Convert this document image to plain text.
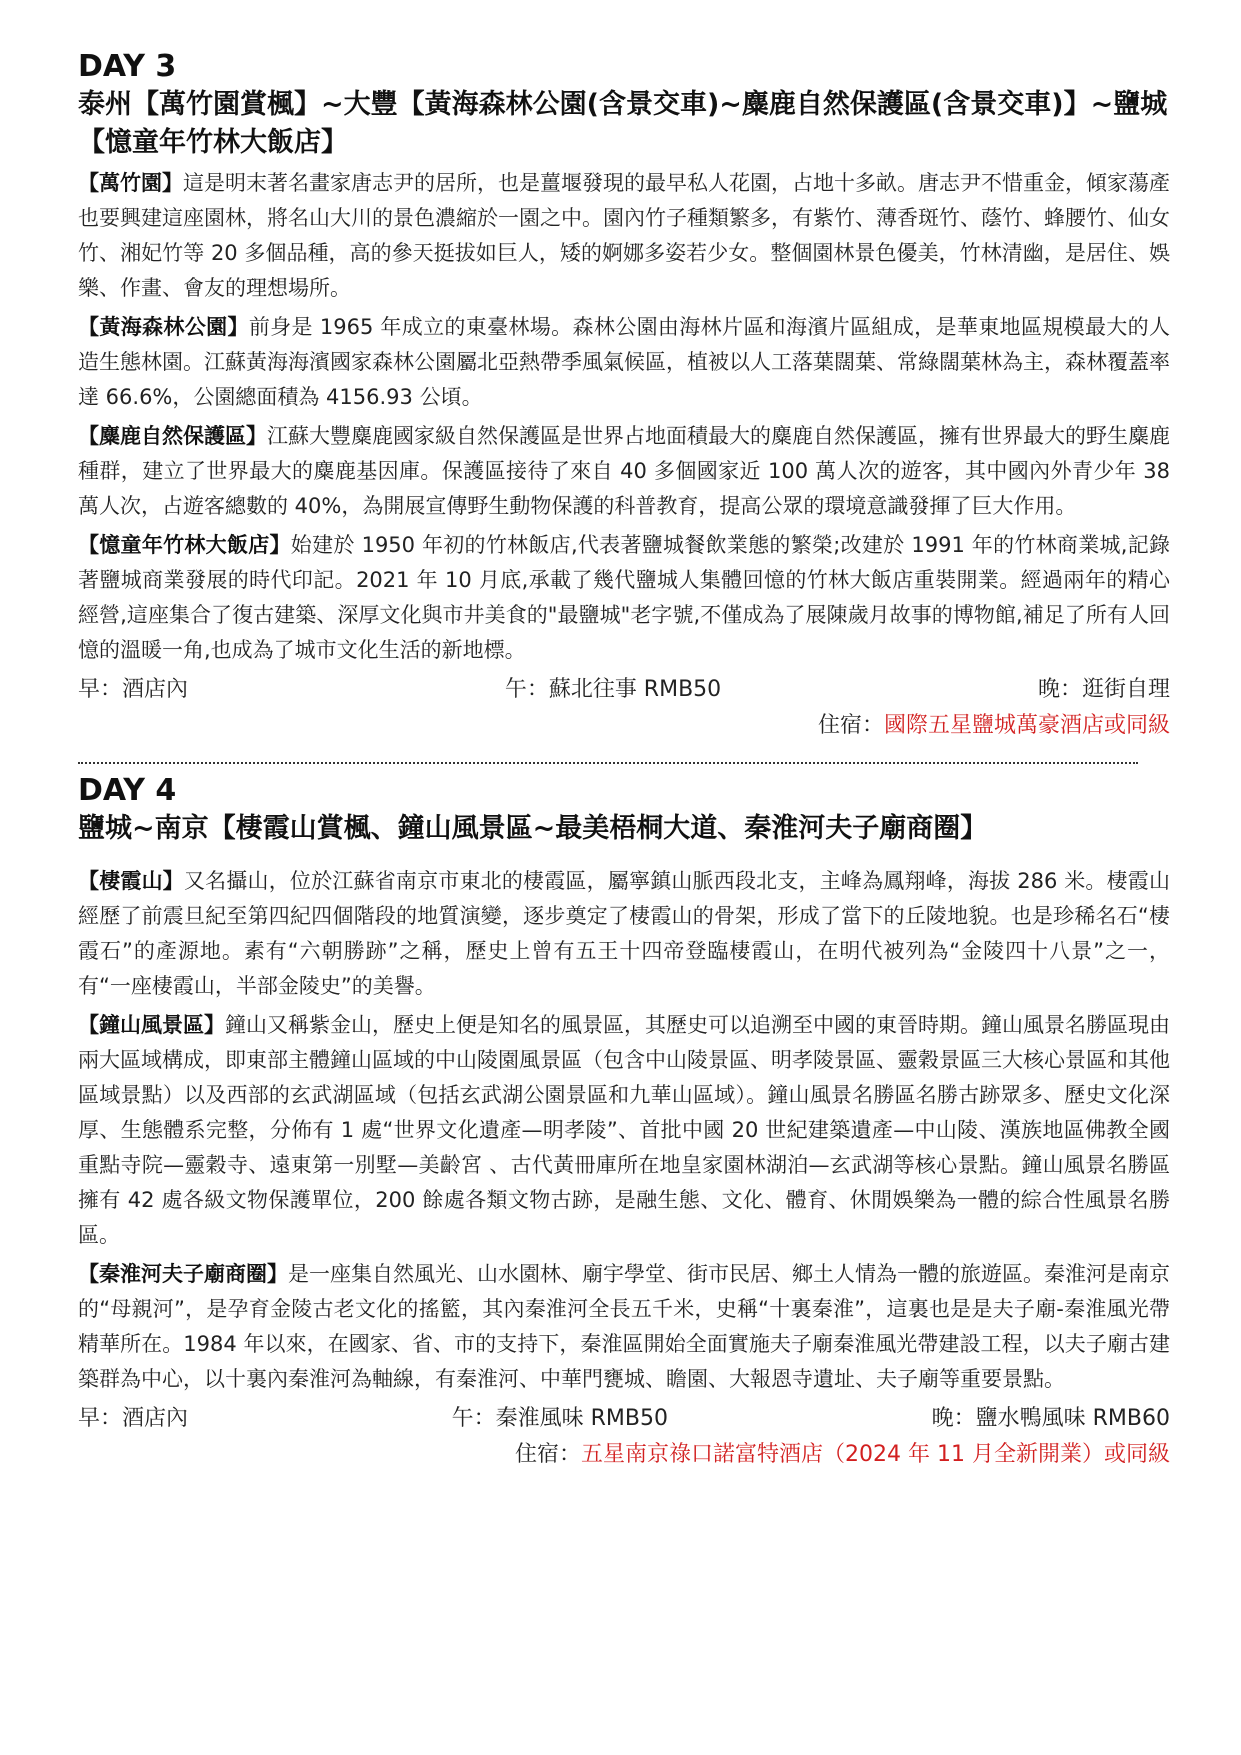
DAY 3
泰州【萬竹園賞楓】~大豐【黃海森林公園(含景交車)~麋鹿自然保護區(含景交車)】~鹽城【憶童年竹林大飯店】

【萬竹園】這是明末著名畫家唐志尹的居所，也是薑堰發現的最早私人花園，占地十多畝。唐志尹不惜重金，傾家蕩產也要興建這座園林，將名山大川的景色濃縮於一園之中。園內竹子種類繁多，有紫竹、薄香斑竹、蔭竹、蜂腰竹、仙女竹、湘妃竹等 20 多個品種，高的參天挺拔如巨人，矮的婀娜多姿若少女。整個園林景色優美，竹林清幽，是居住、娛樂、作畫、會友的理想場所。

【黃海森林公園】前身是 1965 年成立的東臺林場。森林公園由海林片區和海濱片區組成，是華東地區規模最大的人造生態林園。江蘇黃海海濱國家森林公園屬北亞熱帶季風氣候區，植被以人工落葉闊葉、常綠闊葉林為主，森林覆蓋率達 66.6%，公園總面積為 4156.93 公頃。

【麋鹿自然保護區】江蘇大豐麋鹿國家級自然保護區是世界占地面積最大的麋鹿自然保護區，擁有世界最大的野生麋鹿種群，建立了世界最大的麋鹿基因庫。保護區接待了來自 40 多個國家近 100 萬人次的遊客，其中國內外青少年 38 萬人次，占遊客總數的 40%，為開展宣傳野生動物保護的科普教育，提高公眾的環境意識發揮了巨大作用。

【憶童年竹林大飯店】始建於 1950 年初的竹林飯店,代表著鹽城餐飲業態的繁榮;改建於 1991 年的竹林商業城,記錄著鹽城商業發展的時代印記。2021 年 10 月底,承載了幾代鹽城人集體回憶的竹林大飯店重裝開業。經過兩年的精心經營,這座集合了復古建築、深厚文化與市井美食的"最鹽城"老字號,不僅成為了展陳歲月故事的博物館,補足了所有人回憶的溫暖一角,也成為了城市文化生活的新地標。

早：酒店內	午：蘇北往事 RMB50	晚：逛街自理
住宿：國際五星鹽城萬豪酒店或同級
DAY 4
鹽城~南京【棲霞山賞楓、鐘山風景區~最美梧桐大道、秦淮河夫子廟商圈】

【棲霞山】又名攝山，位於江蘇省南京市東北的棲霞區，屬寧鎮山脈西段北支，主峰為鳳翔峰，海拔 286 米。棲霞山經歷了前震旦紀至第四紀四個階段的地質演變，逐步奠定了棲霞山的骨架，形成了當下的丘陵地貌。也是珍稀名石“棲霞石”的產源地。素有“六朝勝跡”之稱，歷史上曾有五王十四帝登臨棲霞山，在明代被列為“金陵四十八景”之一，有“一座棲霞山，半部金陵史”的美譽。

【鐘山風景區】鐘山又稱紫金山，歷史上便是知名的風景區，其歷史可以追溯至中國的東晉時期。鐘山風景名勝區現由兩大區域構成，即東部主體鐘山區域的中山陵園風景區（包含中山陵景區、明孝陵景區、靈穀景區三大核心景區和其他區域景點）以及西部的玄武湖區域（包括玄武湖公園景區和九華山區域）。鐘山風景名勝區名勝古跡眾多、歷史文化深厚、生態體系完整，分佈有 1 處“世界文化遺產—明孝陵”、首批中國 20 世紀建築遺產—中山陵、漢族地區佛教全國重點寺院—靈穀寺、遠東第一別墅—美齡宮 、古代黃冊庫所在地皇家園林湖泊—玄武湖等核心景點。鐘山風景名勝區擁有 42 處各級文物保護單位，200 餘處各類文物古跡，是融生態、文化、體育、休閒娛樂為一體的綜合性風景名勝區。

【秦淮河夫子廟商圈】是一座集自然風光、山水園林、廟宇學堂、街市民居、鄉土人情為一體的旅遊區。秦淮河是南京的“母親河”，是孕育金陵古老文化的搖籃，其內秦淮河全長五千米，史稱“十裏秦淮”，這裏也是是夫子廟-秦淮風光帶精華所在。1984 年以來，在國家、省、市的支持下，秦淮區開始全面實施夫子廟秦淮風光帶建設工程，以夫子廟古建築群為中心，以十裏內秦淮河為軸線，有秦淮河、中華門甕城、瞻園、大報恩寺遺址、夫子廟等重要景點。

早：酒店內	午：秦淮風味 RMB50	晚：鹽水鴨風味 RMB60
住宿：五星南京祿口諾富特酒店（2024 年 11 月全新開業）或同級
